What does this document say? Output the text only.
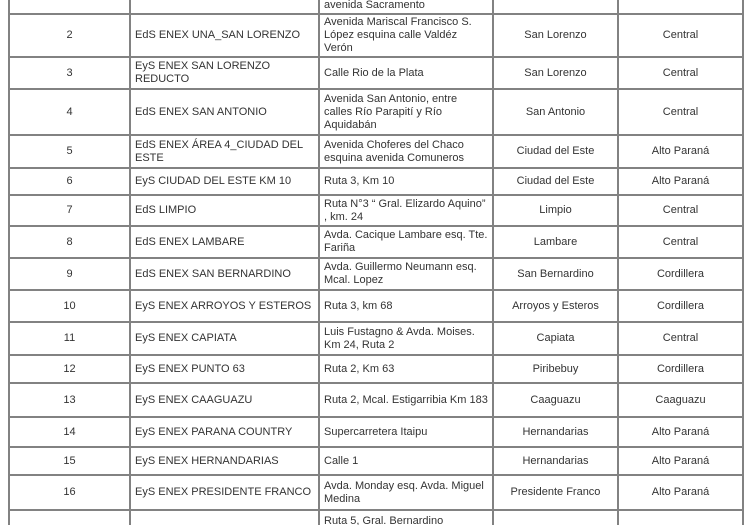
		avenida Sacramento		
2	EdS ENEX UNA_SAN LORENZO	Avenida Mariscal Francisco S. López esquina calle Valdéz Verón	San Lorenzo	Central
3	EyS ENEX SAN LORENZO REDUCTO	Calle Rio de la Plata	San Lorenzo	Central
4	EdS ENEX SAN ANTONIO	Avenida San Antonio, entre calles Río Parapití y Río Aquidabán	San Antonio	Central
5	EdS ENEX ÁREA 4_CIUDAD DEL ESTE	Avenida Choferes del Chaco esquina avenida Comuneros	Ciudad del Este	Alto Paraná
6	EyS CIUDAD DEL ESTE KM 10	Ruta 3, Km 10	Ciudad del Este	Alto Paraná
7	EdS LIMPIO	Ruta N°3 “ Gral. Elizardo Aquino” , km. 24	Limpio	Central
8	EdS ENEX LAMBARE	Avda. Cacique Lambare esq. Tte. Fariña	Lambare	Central
9	EdS ENEX SAN BERNARDINO	Avda. Guillermo Neumann esq. Mcal. Lopez	San Bernardino	Cordillera
10	EyS ENEX ARROYOS Y ESTEROS	Ruta 3, km 68	Arroyos y Esteros	Cordillera
11	EyS ENEX CAPIATA	Luis Fustagno & Avda. Moises. Km 24, Ruta 2	Capiata	Central
12	EyS ENEX PUNTO 63	Ruta 2, Km 63	Piribebuy	Cordillera
13	EyS ENEX CAAGUAZU	Ruta 2, Mcal. Estigarribia Km 183	Caaguazu	Caaguazu
14	EyS ENEX PARANA COUNTRY	Supercarretera Itaipu	Hernandarias	Alto Paraná
15	EyS ENEX HERNANDARIAS	Calle 1	Hernandarias	Alto Paraná
16	EyS ENEX PRESIDENTE FRANCO	Avda. Monday esq. Avda. Miguel Medina	Presidente Franco	Alto Paraná
		Ruta 5, Gral. Bernardino		
